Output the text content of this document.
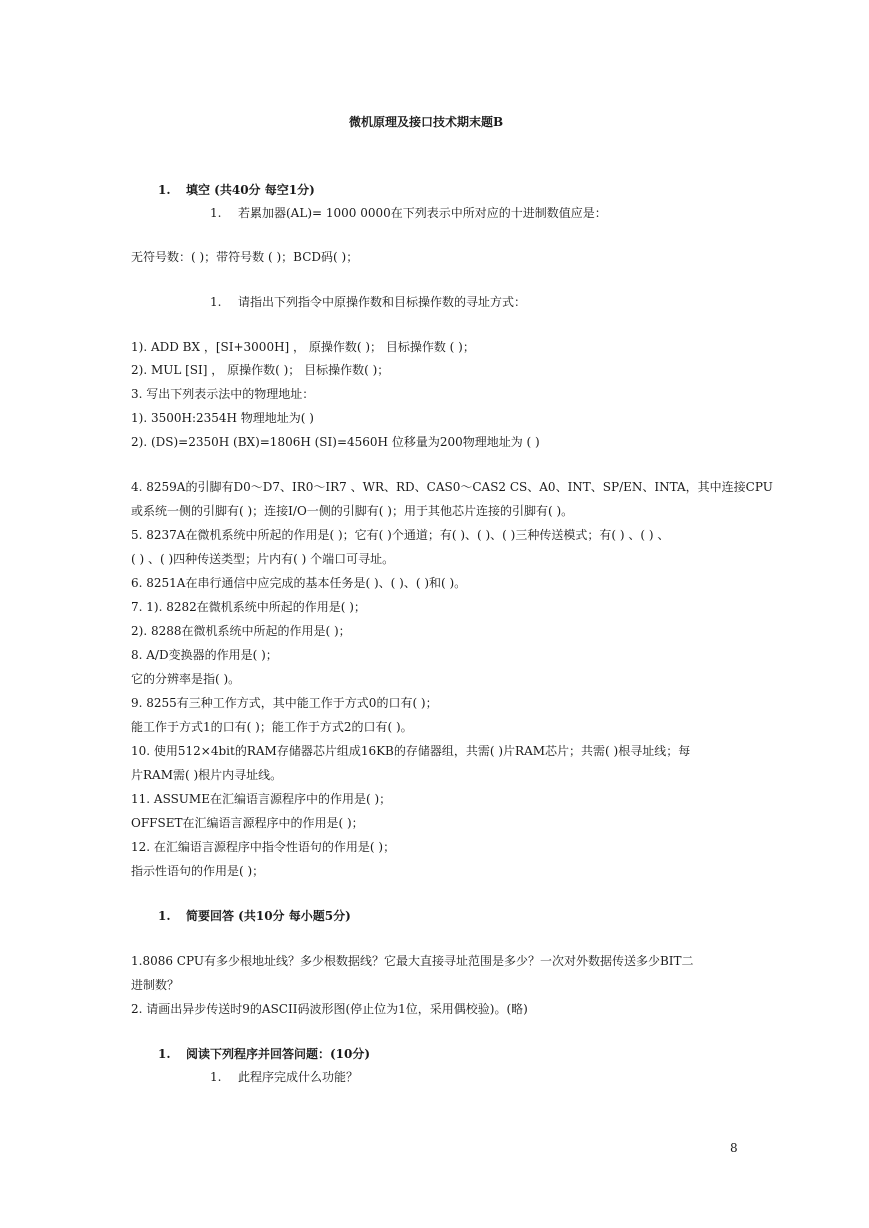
微机原理及接口技术期末题B
1. 填空 (共40分 每空1分)
1. 若累加器(AL)= 1000 0000在下列表示中所对应的十进制数值应是：
无符号数：( )；带符号数 ( )；BCD码( )；
1. 请指出下列指令中原操作数和目标操作数的寻址方式：
1). ADD BX ，[SI+3000H] ， 原操作数( )； 目标操作数 ( )；
2). MUL [SI] ， 原操作数( )； 目标操作数( )；
3. 写出下列表示法中的物理地址：
1). 3500H:2354H 物理地址为( )
2). (DS)=2350H (BX)=1806H (SI)=4560H 位移量为200物理地址为 ( )
4. 8259A的引脚有D0～D7、IR0～IR7 、WR、RD、CAS0～CAS2 CS、A0、INT、SP/EN、INTA，其中连接CPU
或系统一侧的引脚有( )；连接I/O一侧的引脚有( )；用于其他芯片连接的引脚有( )。
5. 8237A在微机系统中所起的作用是( )；它有( )个通道；有( )、( )、( )三种传送模式；有( ) 、( ) 、
( ) 、( )四种传送类型；片内有( ) 个端口可寻址。
6. 8251A在串行通信中应完成的基本任务是( )、( )、( )和( )。
7. 1). 8282在微机系统中所起的作用是( )；
2). 8288在微机系统中所起的作用是( )；
8. A/D变换器的作用是( )；
它的分辨率是指( )。
9. 8255有三种工作方式，其中能工作于方式0的口有( )；
能工作于方式1的口有( )；能工作于方式2的口有( )。
10. 使用512×4bit的RAM存储器芯片组成16KB的存储器组，共需( )片RAM芯片；共需( )根寻址线；每
片RAM需( )根片内寻址线。
11. ASSUME在汇编语言源程序中的作用是( )；
OFFSET在汇编语言源程序中的作用是( )；
12. 在汇编语言源程序中指令性语句的作用是( )；
指示性语句的作用是( )；
1. 简要回答 (共10分 每小题5分)
1.8086 CPU有多少根地址线？多少根数据线？它最大直接寻址范围是多少？一次对外数据传送多少BIT二
进制数？
2. 请画出异步传送时9的ASCII码波形图(停止位为1位，采用偶校验)。(略)
1. 阅读下列程序并回答问题：(10分)
1. 此程序完成什么功能？
8
